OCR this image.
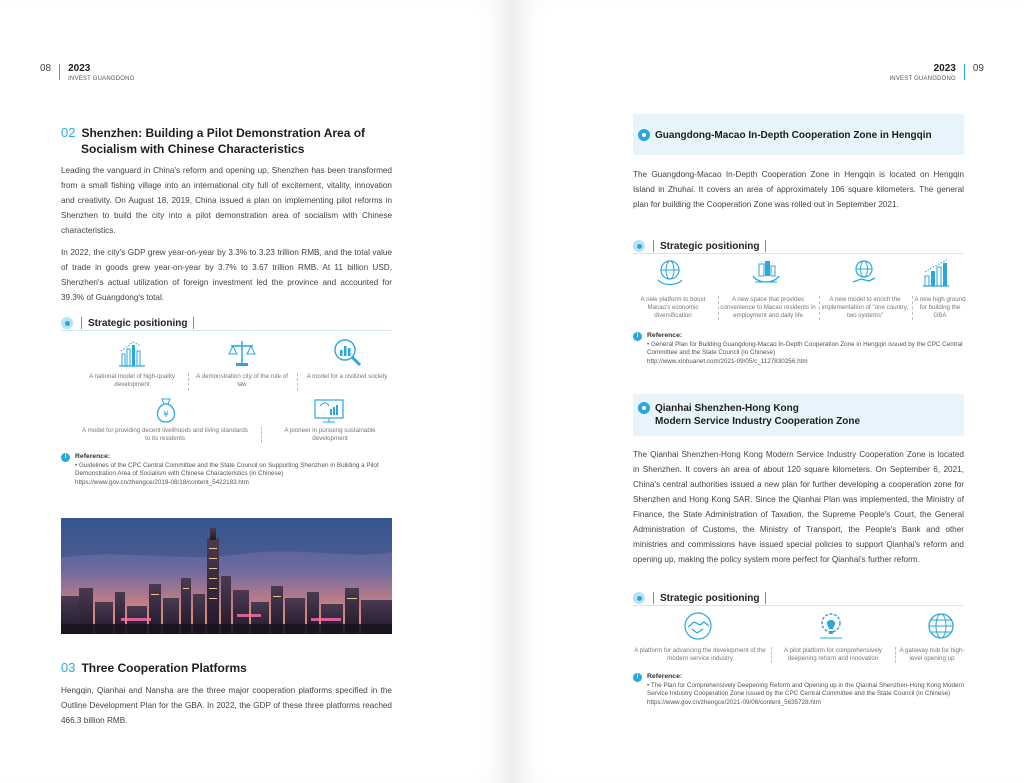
08 2023
INVEST GUANGDONG
02 Shenzhen: Building a Pilot Demonstration Area of
Socialism with Chinese Characteristics
Leading the vanguard in China's reform and opening up, Shenzhen has been transformed from a small fishing village into an international city full of excitement, vitality, innovation and creativity. On August 18, 2019, China issued a plan on implementing pilot reforms in Shenzhen to build the city into a pilot demonstration area of socialism with Chinese characteristics.
In 2022, the city's GDP grew year-on-year by 3.3% to 3.23 trillion RMB, and the total value of trade in goods grew year-on-year by 3.7% to 3.67 trillion RMB. At 11 billion USD, Shenzhen's actual utilization of foreign investment led the province and accounted for 39.3% of Guangdong's total.
Strategic positioning
A national model of high-quality development
A demonstration city of the rule of law
A model for a civilized society
¥
A model for providing decent livelihoods and living standards to its residents
A pioneer in pursuing sustainable development
i	Reference:
• Guidelines of the CPC Central Committee and the State Council on Supporting Shenzhen in Building a Pilot Demonstration Area of Socialism with Chinese Characteristics (in Chinese)
https://www.gov.cn/zhengce/2019-08/18/content_5422183.htm
03 Three Cooperation Platforms
Hengqin, Qianhai and Nansha are the three major cooperation platforms specified in the Outline Development Plan for the GBA. In 2022, the GDP of these three platforms reached 466.3 billion RMB.
2023
INVEST GUANGDONG
09
Guangdong-Macao In-Depth Cooperation Zone in Hengqin
The Guangdong-Macao In-Depth Cooperation Zone in Hengqin is located on Hengqin Island in Zhuhai. It covers an area of approximately 106 square kilometers. The general plan for building the Cooperation Zone was rolled out in September 2021.
Strategic positioning
A new platform to boost Macao's economic diversification
A new space that provides convenience to Macao residents in employment and daily life
A new model to enrich the implementation of "one country, two systems"
A new high ground for building the GBA
i	Reference:
• General Plan for Building Guangdong-Macao In-Depth Cooperation Zone in Hengqin issued by the CPC Central Committee and the State Council (in Chinese)
http://www.xinhuanet.com/2021-09/05/c_1127830256.htm
Qianhai Shenzhen-Hong Kong
Modern Service Industry Cooperation Zone
The Qianhai Shenzhen-Hong Kong Modern Service Industry Cooperation Zone is located in Shenzhen. It covers an area of about 120 square kilometers. On September 6, 2021, China's central authorities issued a new plan for further developing a cooperation zone for Shenzhen and Hong Kong SAR. Since the Qianhai Plan was implemented, the Ministry of Finance, the State Administration of Taxation, the Supreme People's Court, the General Administration of Customs, the Ministry of Transport, the People's Bank and other ministries and commissions have issued special policies to support Qianhai's reform and opening up, making the policy system more perfect for Qianhai's further reform.
Strategic positioning
A platform for advancing the development of the modern service industry
A pilot platform for comprehensively deepening reform and innovation
A gateway hub for high-level opening up
i	Reference:
• The Plan for Comprehensively Deepening Reform and Opening up in the Qianhai Shenzhen-Hong Kong Modern Service Industry Cooperation Zone issued by the CPC Central Committee and the State Council (in Chinese)
https://www.gov.cn/zhengce/2021-09/06/content_5635728.htm
